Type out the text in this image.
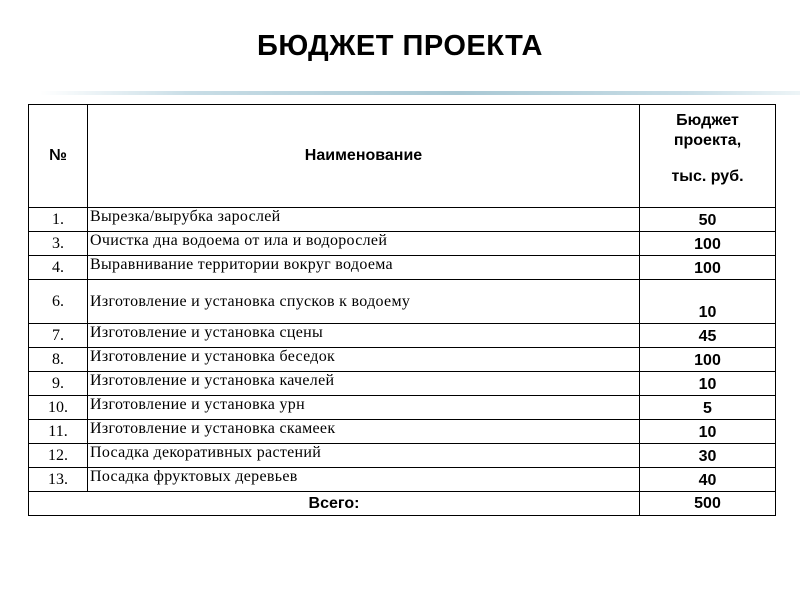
БЮДЖЕТ ПРОЕКТА
№	Наименование	Бюджет
проекта,
тыс. руб.
1.	Вырезка/вырубка зарослей	50
3.	Очистка дна водоема от ила и водорослей	100
4.	Выравнивание территории вокруг водоема	100
6.	Изготовление и установка спусков к водоему	10
7.	Изготовление и установка сцены	45
8.	Изготовление и установка беседок	100
9.	Изготовление и установка качелей	10
10.	Изготовление и установка урн	5
11.	Изготовление и установка скамеек	10
12.	Посадка декоративных растений	30
13.	Посадка фруктовых деревьев	40
Всего:		500
